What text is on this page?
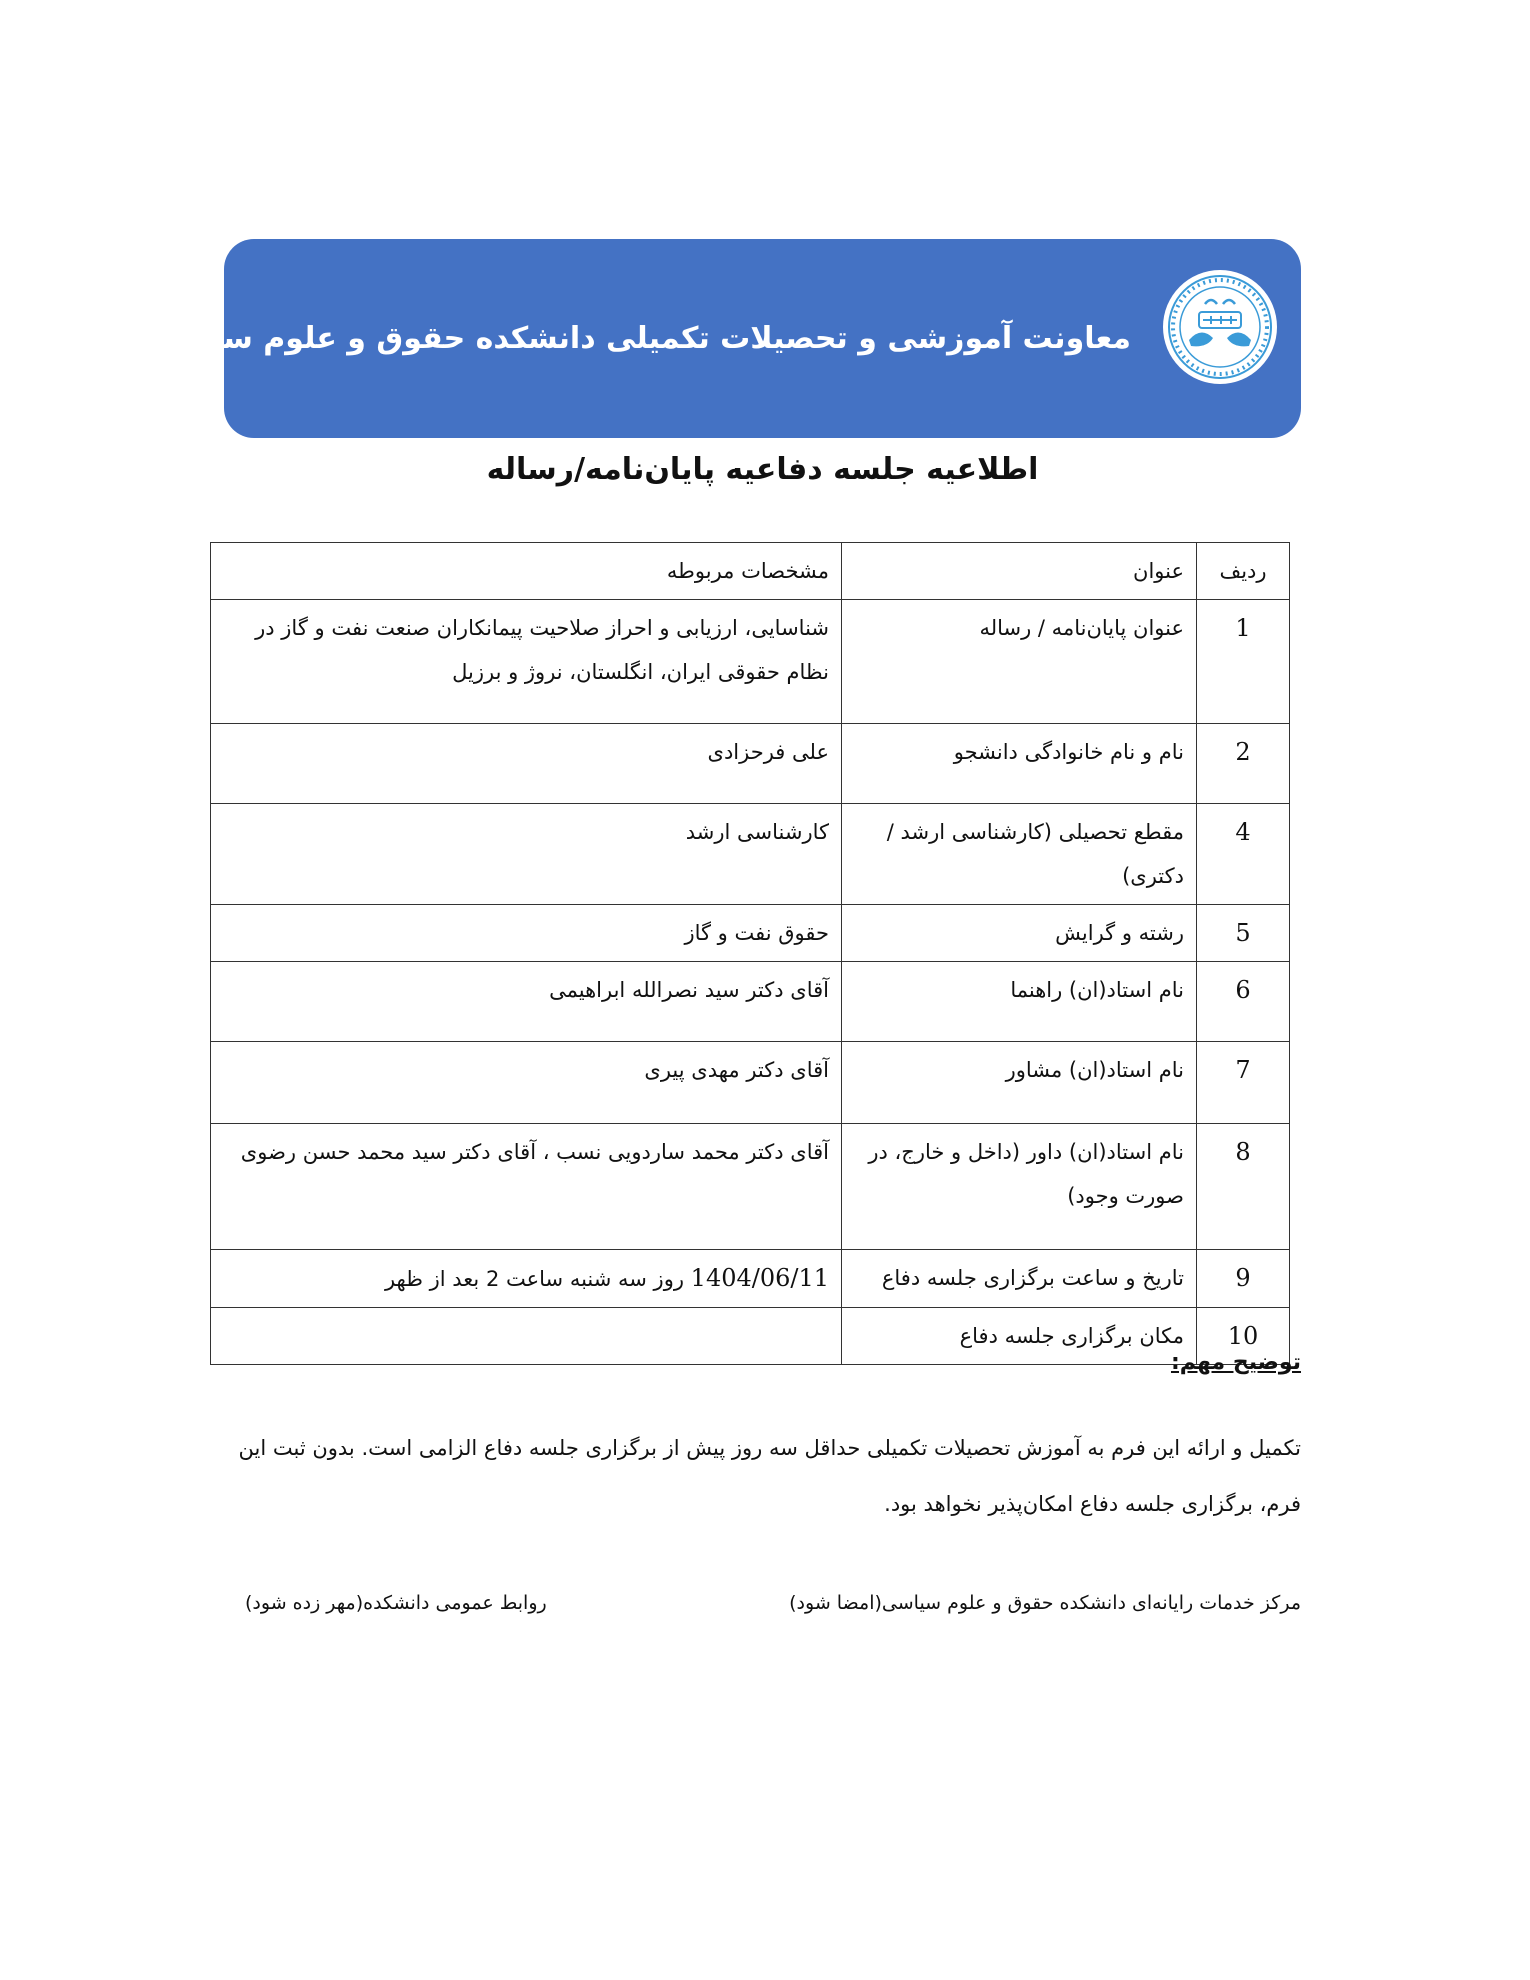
معاونت آموزشی و تحصیلات تکمیلی دانشکده حقوق و علوم سیاسی
اطلاعیه جلسه دفاعیه پایان‌نامه/رساله
ردیف	عنوان	مشخصات مربوطه
1	عنوان پایان‌نامه / رساله	شناسایی، ارزیابی و احراز صلاحیت پیمانکاران صنعت نفت و گاز در نظام حقوقی ایران، انگلستان، نروژ و برزیل
2	نام و نام خانوادگی دانشجو	علی فرحزادی
4	مقطع تحصیلی (کارشناسی ارشد / دکتری)	کارشناسی ارشد
5	رشته و گرایش	حقوق نفت و گاز
6	نام استاد(ان) راهنما	آقای دکتر سید نصرالله ابراهیمی
7	نام استاد(ان) مشاور	آقای دکتر مهدی پیری
8	نام استاد(ان) داور (داخل و خارج، در صورت وجود)	آقای دکتر محمد ساردویی نسب ، آقای دکتر سید محمد حسن رضوی
9	تاریخ و ساعت برگزاری جلسه دفاع	1404/06/11 روز سه شنبه ساعت 2 بعد از ظهر
10	مکان برگزاری جلسه دفاع	
توضیح مهم:
تکمیل و ارائه این فرم به آموزش تحصیلات تکمیلی حداقل سه روز پیش از برگزاری جلسه دفاع الزامی است. بدون ثبت این فرم، برگزاری جلسه دفاع امکان‌پذیر نخواهد بود.
مرکز خدمات رایانه‌ای دانشکده حقوق و علوم سیاسی(امضا شود)
روابط عمومی دانشکده(مهر زده شود)
